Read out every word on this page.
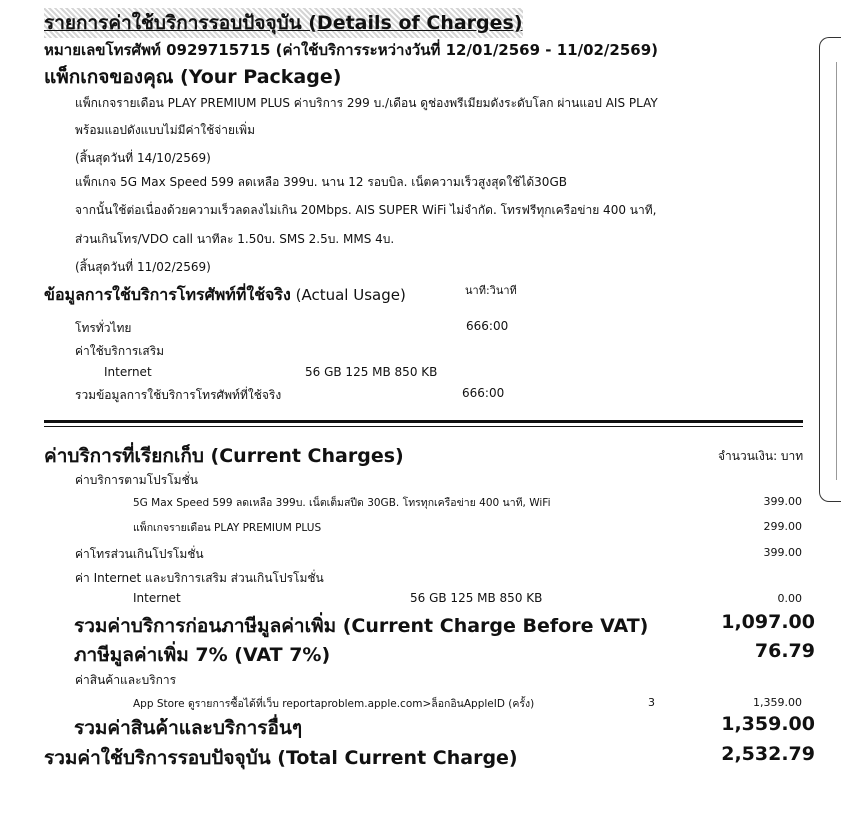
รายการค่าใช้บริการรอบปัจจุบัน (Details of Charges)
หมายเลขโทรศัพท์ 0929715715 (ค่าใช้บริการระหว่างวันที่ 12/01/2569 - 11/02/2569)
แพ็กเกจของคุณ (Your Package)
แพ็กเกจรายเดือน PLAY PREMIUM PLUS ค่าบริการ 299 บ./เดือน ดูช่องพรีเมียมดังระดับโลก ผ่านแอป AIS PLAY
พร้อมแอปดังแบบไม่มีค่าใช้จ่ายเพิ่ม
(สิ้นสุดวันที่ 14/10/2569)
แพ็กเกจ 5G Max Speed 599 ลดเหลือ 399บ. นาน 12 รอบบิล. เน็ตความเร็วสูงสุดใช้ได้30GB
จากนั้นใช้ต่อเนื่องด้วยความเร็วลดลงไม่เกิน 20Mbps. AIS SUPER WiFi ไม่จำกัด. โทรฟรีทุกเครือข่าย 400 นาที,
ส่วนเกินโทร/VDO call นาทีละ 1.50บ. SMS 2.5บ. MMS 4บ.
(สิ้นสุดวันที่ 11/02/2569)
ข้อมูลการใช้บริการโทรศัพท์ที่ใช้จริง (Actual Usage)	นาที:วินาที
โทรทั่วไทย	666:00
ค่าใช้บริการเสริม
Internet	56 GB 125 MB 850 KB
รวมข้อมูลการใช้บริการโทรศัพท์ที่ใช้จริง	666:00
ค่าบริการที่เรียกเก็บ (Current Charges)	จำนวนเงิน: บาท
ค่าบริการตามโปรโมชั่น
5G Max Speed 599 ลดเหลือ 399บ. เน็ตเต็มสปีด 30GB. โทรทุกเครือข่าย 400 นาที, WiFi	399.00
แพ็กเกจรายเดือน PLAY PREMIUM PLUS	299.00
ค่าโทรส่วนเกินโปรโมชั่น	399.00
ค่า Internet และบริการเสริม ส่วนเกินโปรโมชั่น
Internet	56 GB 125 MB 850 KB	0.00
รวมค่าบริการก่อนภาษีมูลค่าเพิ่ม (Current Charge Before VAT)	1,097.00
ภาษีมูลค่าเพิ่ม 7% (VAT 7%)	76.79
ค่าสินค้าและบริการ
App Store ดูรายการซื้อได้ที่เว็บ reportaproblem.apple.com>ล็อกอินAppleID (ครั้ง)	3	1,359.00
รวมค่าสินค้าและบริการอื่นๆ	1,359.00
รวมค่าใช้บริการรอบปัจจุบัน (Total Current Charge)	2,532.79
